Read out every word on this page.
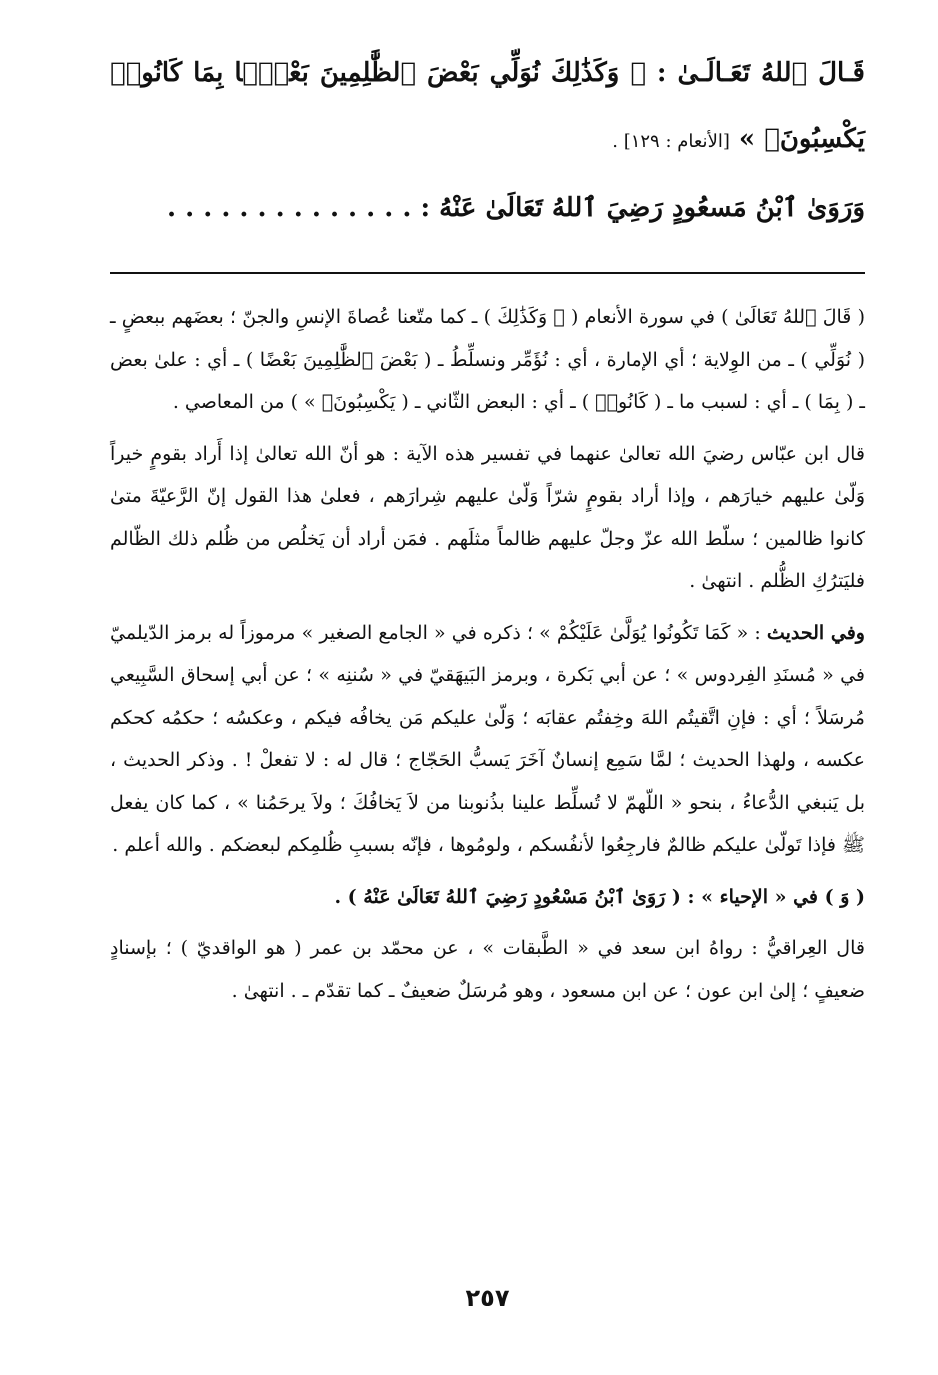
قَـالَ ٱللهُ تَعَـالَـىٰ : ﴿ وَكَذَٰلِكَ نُوَلِّي بَعْضَ ٱلظَّٰلِمِينَ بَعْضًۢا بِمَا كَانُوا۟ يَكْسِبُونَ﴾ » [الأنعام : ١٢٩] .

وَرَوَىٰ ٱبْنُ مَسعُودٍ رَضِيَ ٱللهُ تَعَالَىٰ عَنْهُ : . . . . . . . . . . . . . .

( قَالَ ٱللهُ تَعَالَىٰ ) في سورة الأنعام ( ﴿ وَكَذَٰلِكَ ) ـ كما متّعنا عُصاةَ الإنسِ والجنّ ؛ بعضَهم ببعضٍ ـ ( نُوَلِّي ) ـ من الوِلاية ؛ أي الإمارة ، أي : نُؤَمِّر ونسلِّطُ ـ ( بَعْضَ ٱلظَّٰلِمِينَ بَعْضًا ) ـ أي : علىٰ بعض ـ ( بِمَا ) ـ أي : لسبب ما ـ ( كَانُوا۟ ) ـ أي : البعض الثّاني ـ ( يَكْسِبُونَ﴾ » ) من المعاصي .

قال ابن عبّاس رضيَ الله تعالىٰ عنهما في تفسير هذه الآية : هو أنّ الله تعالىٰ إذا أَراد بقومٍ خيراً وَلّىٰ عليهم خيارَهم ، وإذا أراد بقومٍ شرّاً وَلّىٰ عليهم شِرارَهم ، فعلىٰ هذا القول إنّ الرَّعيّةَ متىٰ كانوا ظالمين ؛ سلّط الله عزّ وجلّ عليهم ظالماً مثلَهم . فمَن أراد أن يَخلُص من ظُلم ذلك الظّالم فليَترُكِ الظُّلم . انتهىٰ .

وفي الحديث : « كَمَا تَكُونُوا يُوَلَّىٰ عَلَيْكُمْ » ؛ ذكره في « الجامع الصغير » مرموزاً له برمز الدّيلميّ في « مُسنَدِ الفِردوس » ؛ عن أبي بَكرة ، وبرمز البَيهَقيّ في « سُننِه » ؛ عن أبي إسحاق السَّبِيعي مُرسَلاً ؛ أي : فإنِ اتَّقيتُم اللهَ وخِفتُم عقابَه ؛ وَلّىٰ عليكم مَن يخافُه فيكم ، وعكسُه ؛ حكمُه كحكم عكسه ، ولهذا الحديث ؛ لمَّا سَمِع إنسانٌ آخَرَ يَسبُّ الحَجّاج ؛ قال له : لا تفعلْ ! . وذكر الحديث ، بل يَنبغي الدُّعاءُ ، بنحو « اللّهمّ لا تُسلِّط علينا بذُنوبنا من لاَ يَخافُكَ ؛ ولاَ يرحَمُنا » ، كما كان يفعل ﷺ فإذا تَولّىٰ عليكم ظالمٌ فارجِعُوا لأنفُسكم ، ولومُوها ، فإنّه بسببِ ظُلمِكم لبعضكم . والله أعلم .

( وَ ) في « الإحياء » : ( رَوَىٰ ٱبْنُ مَسْعُودٍ رَضِيَ ٱللهُ تَعَالَىٰ عَنْهُ ) .

قال العِراقيُّ : رواهُ ابن سعد في « الطَّبقات » ، عن محمّد بن عمر ( هو الواقديّ ) ؛ بإسنادٍ ضعيفٍ ؛ إلىٰ ابن عون ؛ عن ابن مسعود ، وهو مُرسَلٌ ضعيفٌ ـ كما تقدّم ـ . انتهىٰ .

٢٥٧
